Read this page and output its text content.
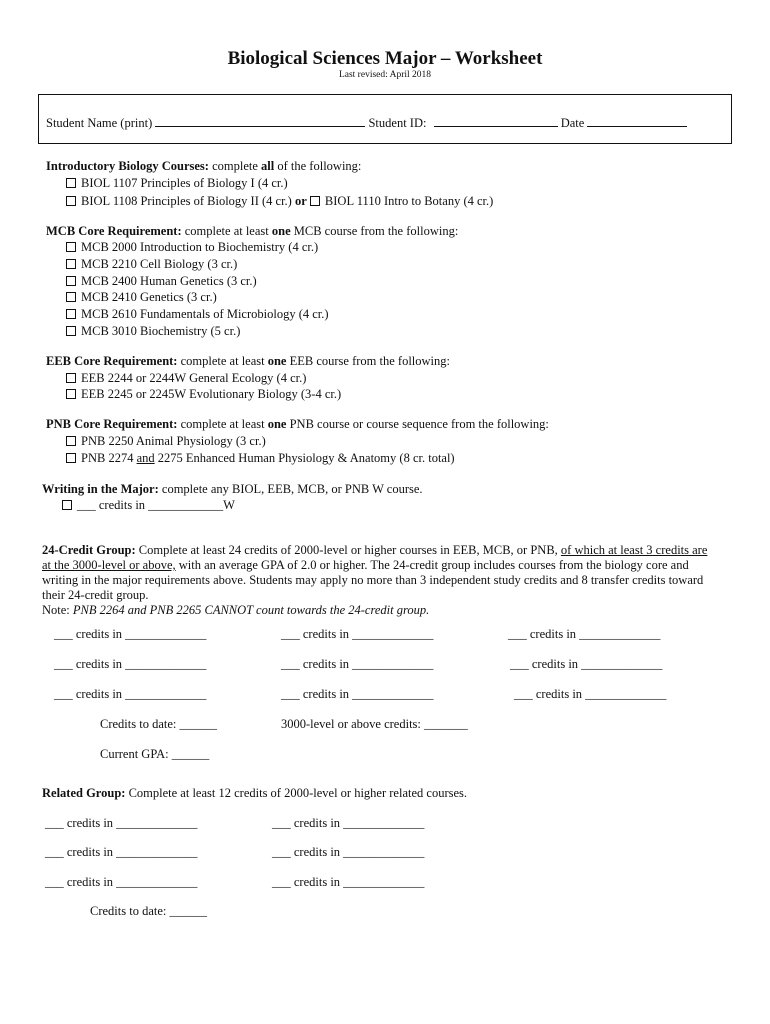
Biological Sciences Major – Worksheet
Last revised: April 2018
Student Name (print)	Student ID:	Date
Introductory Biology Courses: complete all of the following:
BIOL 1107 Principles of Biology I (4 cr.)
BIOL 1108 Principles of Biology II (4 cr.) or BIOL 1110 Intro to Botany (4 cr.)
MCB Core Requirement: complete at least one MCB course from the following:
MCB 2000 Introduction to Biochemistry (4 cr.)
MCB 2210 Cell Biology (3 cr.)
MCB 2400 Human Genetics (3 cr.)
MCB 2410 Genetics (3 cr.)
MCB 2610 Fundamentals of Microbiology (4 cr.)
MCB 3010 Biochemistry (5 cr.)
EEB Core Requirement: complete at least one EEB course from the following:
EEB 2244 or 2244W General Ecology (4 cr.)
EEB 2245 or 2245W Evolutionary Biology (3-4 cr.)
PNB Core Requirement: complete at least one PNB course or course sequence from the following:
PNB 2250 Animal Physiology (3 cr.)
PNB 2274 and 2275 Enhanced Human Physiology & Anatomy (8 cr. total)
Writing in the Major: complete any BIOL, EEB, MCB, or PNB W course.
___ credits in ____________W
24-Credit Group: Complete at least 24 credits of 2000-level or higher courses in EEB, MCB, or PNB, of which at least 3 credits are at the 3000-level or above, with an average GPA of 2.0 or higher. The 24-credit group includes courses from the biology core and writing in the major requirements above. Students may apply no more than 3 independent study credits and 8 transfer credits toward their 24-credit group.
Note: PNB 2264 and PNB 2265 CANNOT count towards the 24-credit group.
___ credits in _____________	___ credits in _____________	___ credits in _____________
___ credits in _____________	___ credits in _____________	___ credits in _____________
___ credits in _____________	___ credits in _____________	___ credits in _____________
Credits to date: ______	3000-level or above credits: _______
Current GPA: ______
Related Group: Complete at least 12 credits of 2000-level or higher related courses.
___ credits in _____________	___ credits in _____________
___ credits in _____________	___ credits in _____________
___ credits in _____________	___ credits in _____________
Credits to date: ______
